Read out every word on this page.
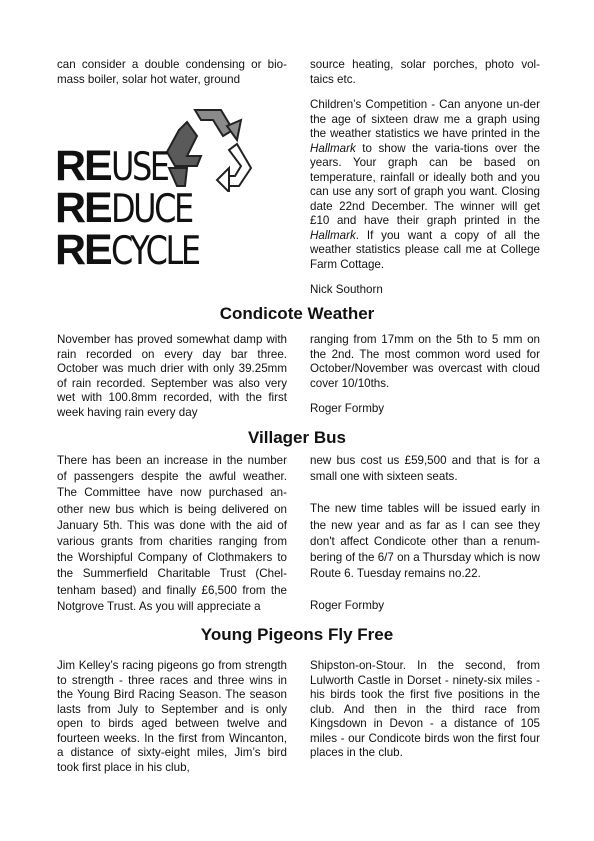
can consider a double condensing or bio-mass boiler, solar hot water, ground

REUSE
REDUCE
RECYCLE

source heating, solar porches, photo vol-taics etc.

Children’s Competition - Can anyone un-der the age of sixteen draw me a graph using the weather statistics we have printed in the Hallmark to show the varia-tions over the years. Your graph can be based on temperature, rainfall or ideally both and you can use any sort of graph you want. Closing date 22nd December. The winner will get £10 and have their graph printed in the Hallmark. If you want a copy of all the weather statistics please call me at College Farm Cottage.

Nick Southorn

Condicote Weather

November has proved somewhat damp with rain recorded on every day bar three. October was much drier with only 39.25mm of rain recorded. September was also very wet with 100.8mm recorded, with the first week having rain every day

ranging from 17mm on the 5th to 5 mm on the 2nd. The most common word used for October/November was overcast with cloud cover 10/10ths.

Roger Formby

Villager Bus

There has been an increase in the number of passengers despite the awful weather. The Committee have now purchased an-other new bus which is being delivered on January 5th. This was done with the aid of various grants from charities ranging from the Worshipful Company of Clothmakers to the Summerfield Charitable Trust (Chel-tenham based) and finally £6,500 from the Notgrove Trust. As you will appreciate a

new bus cost us £59,500 and that is for a small one with sixteen seats.

The new time tables will be issued early in the new year and as far as I can see they don't affect Condicote other than a renum-bering of the 6/7 on a Thursday which is now Route 6. Tuesday remains no.22.

Roger Formby

Young Pigeons Fly Free

Jim Kelley’s racing pigeons go from strength to strength - three races and three wins in the Young Bird Racing Season. The season lasts from July to September and is only open to birds aged between twelve and fourteen weeks. In the first from Wincanton, a distance of sixty-eight miles, Jim’s bird took first place in his club,

Shipston-on-Stour. In the second, from Lulworth Castle in Dorset - ninety-six miles - his birds took the first five positions in the club. And then in the third race from Kingsdown in Devon - a distance of 105 miles - our Condicote birds won the first four places in the club.
